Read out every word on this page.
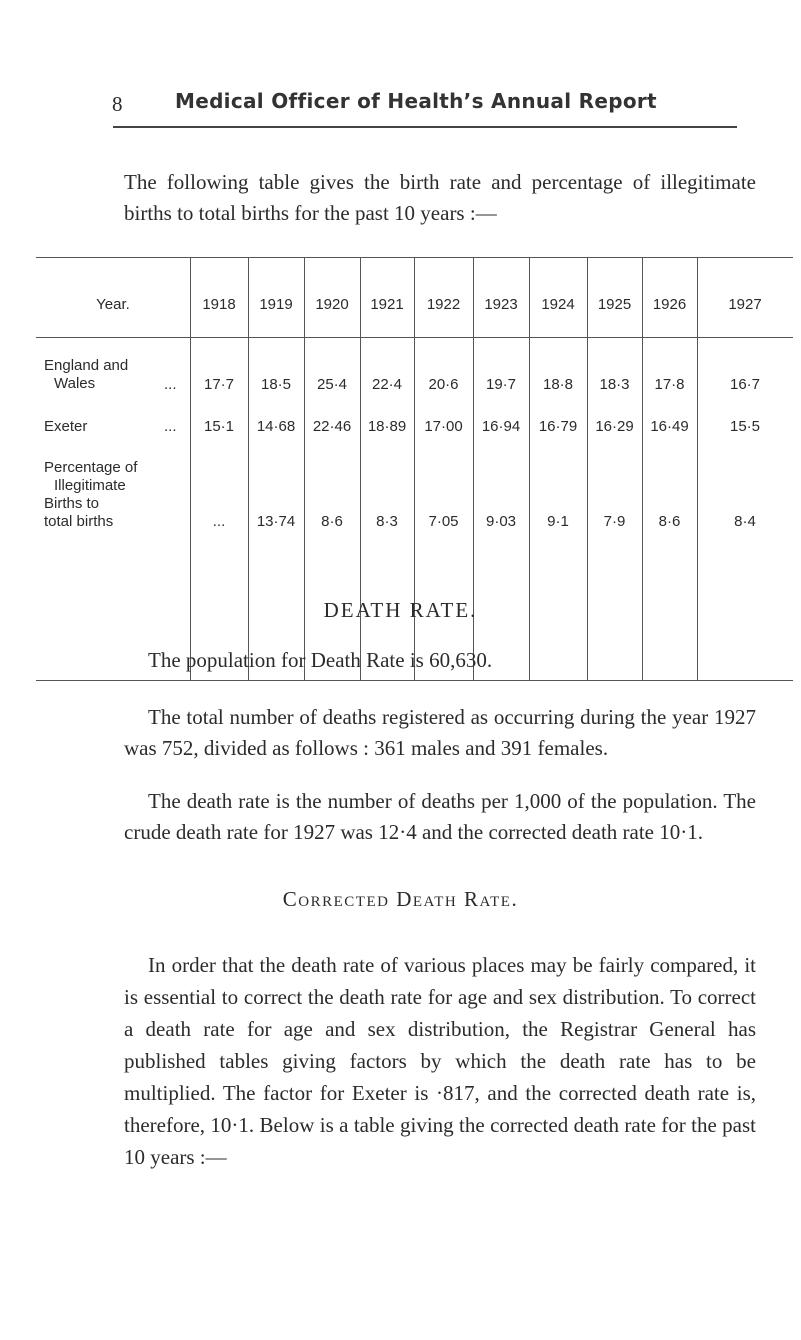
8	Medical Officer of Health’s Annual Report

The following table gives the birth rate and percentage of illegitimate births to total births for the past 10 years :—

Year.	1918	1919	1920	1921	1922	1923	1924	1925	1926	1927
England and
Wales	...	17·7	18·5	25·4	22·4	20·6	19·7	18·8	18·3	17·8	16·7
Exeter	...	15·1	14·68	22·46	18·89	17·00	16·94	16·79	16·29	16·49	15·5
Percentage of
Illegitimate
Births to
total births	...	13·74	8·6	8·3	7·05	9·03	9·1	7·9	8·6	8·4
DEATH RATE.

The population for Death Rate is 60,630.

The total number of deaths registered as occurring during the year 1927 was 752, divided as follows : 361 males and 391 females.

The death rate is the number of deaths per 1,000 of the population. The crude death rate for 1927 was 12·4 and the corrected death rate 10·1.

Corrected Death Rate.

In order that the death rate of various places may be fairly compared, it is essential to correct the death rate for age and sex distribution. To correct a death rate for age and sex distribution, the Registrar General has published tables giving factors by which the death rate has to be multiplied. The factor for Exeter is ·817, and the corrected death rate is, therefore, 10·1. Below is a table giving the corrected death rate for the past 10 years :—
